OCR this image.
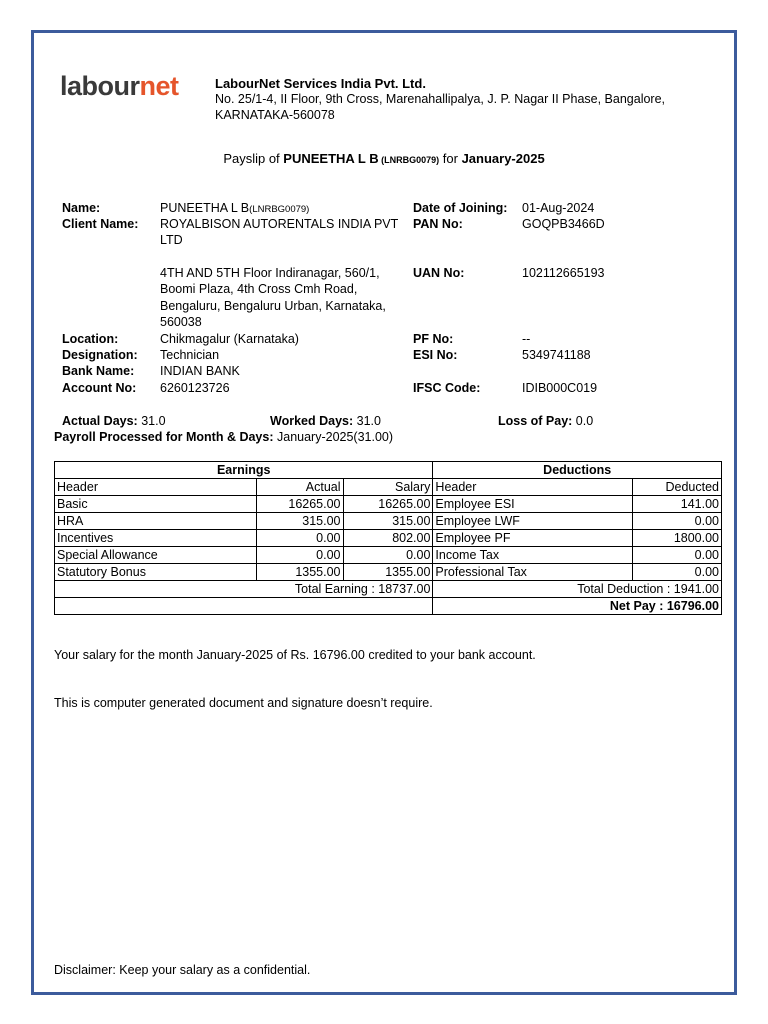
labournet	LabourNet Services India Pvt. Ltd.
No. 25/1-4, II Floor, 9th Cross, Marenahallipalya, J. P. Nagar II Phase, Bangalore,
KARNATAKA-560078
Payslip of PUNEETHA L B (LNRBG0079) for January-2025
Name:	PUNEETHA L B(LNRBG0079)
Client Name: ROYALBISON AUTORENTALS INDIA PVT LTD
4TH AND 5TH Floor Indiranagar, 560/1, Boomi Plaza, 4th Cross Cmh Road, Bengaluru, Bengaluru Urban, Karnataka, 560038
Location:	Chikmagalur (Karnataka)
Designation: Technician
Bank Name: INDIAN BANK
Account No: 6260123726
Date of Joining: 01-Aug-2024
PAN No:	GOQPB3466D
UAN No:	102112665193
PF No:	--
ESI No:	5349741188
IFSC Code:	IDIB000C019
Actual Days: 31.0	Worked Days: 31.0	Loss of Pay: 0.0
Payroll Processed for Month & Days: January-2025(31.00)
Earnings			Deductions	
Header	Actual	Salary	Header	Deducted
Basic	16265.00	16265.00	Employee ESI	141.00
HRA	315.00	315.00	Employee LWF	0.00
Incentives	0.00	802.00	Employee PF	1800.00
Special Allowance	0.00	0.00	Income Tax	0.00
Statutory Bonus	1355.00	1355.00	Professional Tax	0.00
Total Earning : 18737.00			Total Deduction : 1941.00	
			Net Pay : 16796.00	
Your salary for the month January-2025 of Rs. 16796.00 credited to your bank account.
This is computer generated document and signature doesn’t require.
Disclaimer: Keep your salary as a confidential.
